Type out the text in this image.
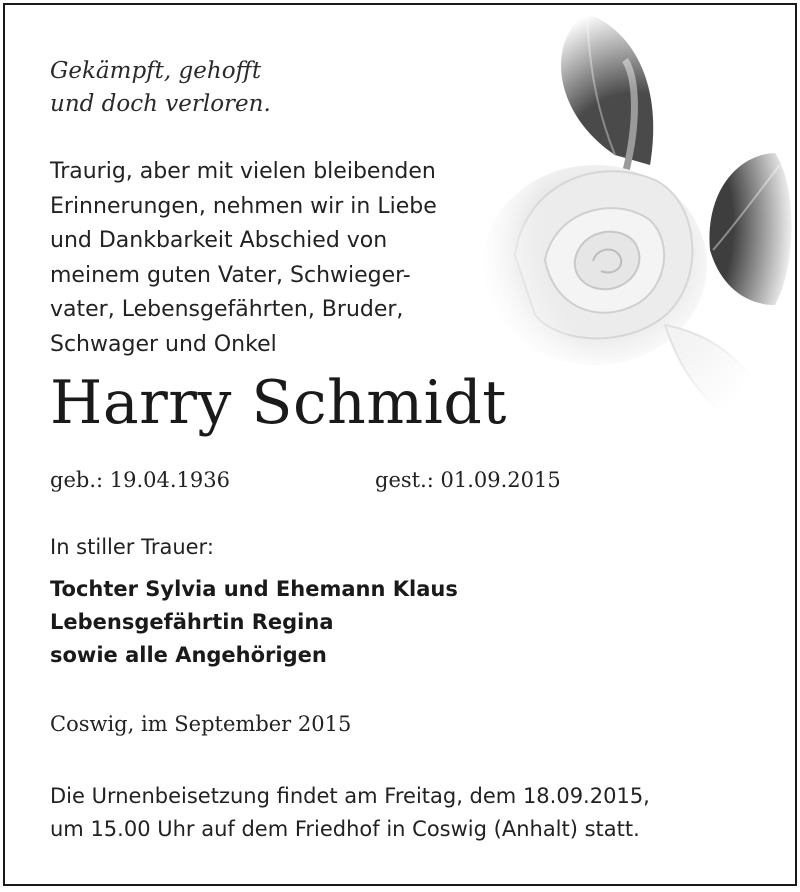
Gekämpft, gehofft
und doch verloren.

Traurig, aber mit vielen bleibenden
Erinnerungen, nehmen wir in Liebe
und Dankbarkeit Abschied von
meinem guten Vater, Schwieger-
vater, Lebensgefährten, Bruder,
Schwager und Onkel
Harry Schmidt
geb.: 19.04.1936	gest.: 01.09.2015
In stiller Trauer:
Tochter Sylvia und Ehemann Klaus
Lebensgefährtin Regina
sowie alle Angehörigen
Coswig, im September 2015
Die Urnenbeisetzung findet am Freitag, dem 18.09.2015,
um 15.00 Uhr auf dem Friedhof in Coswig (Anhalt) statt.
